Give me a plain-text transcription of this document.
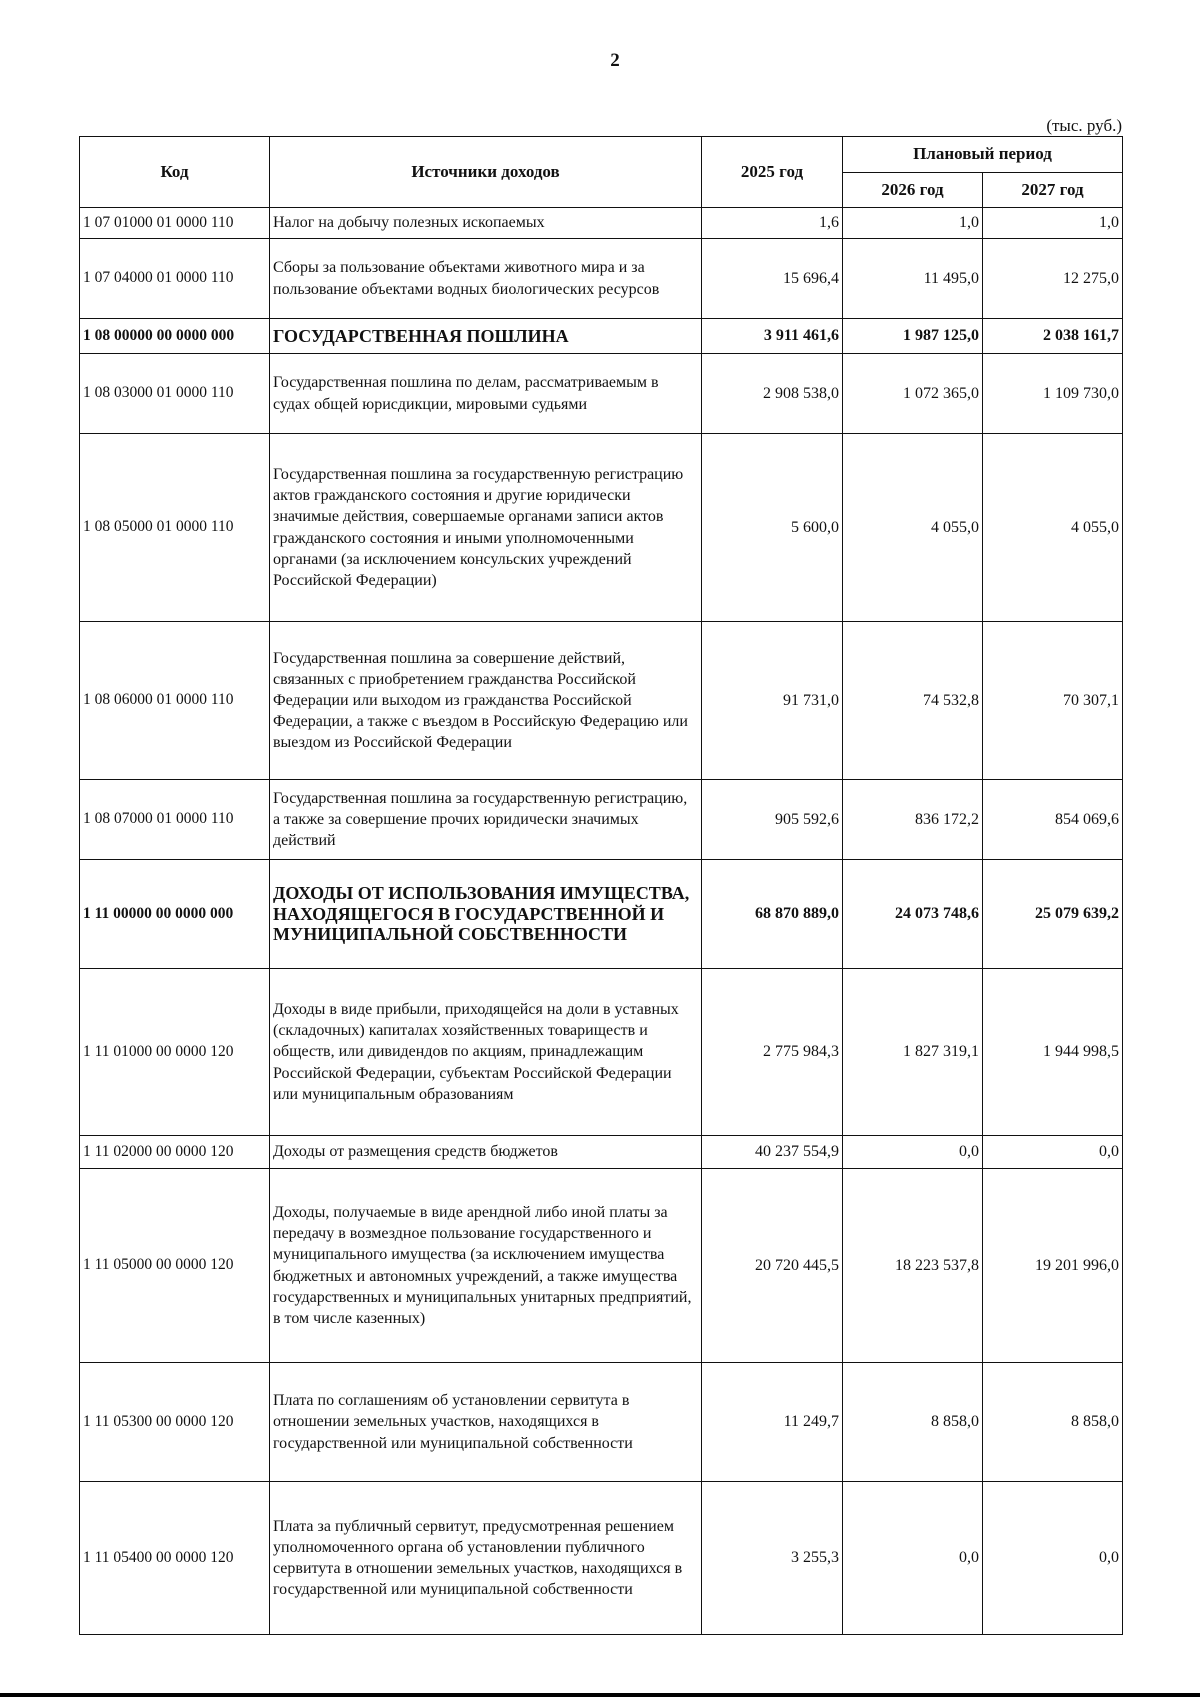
2
(тыс. руб.)
Код	Источники доходов	2025 год	Плановый период	
			2026 год	2027 год
1 07 01000 01 0000 110	Налог на добычу полезных ископаемых	1,6	1,0	1,0
1 07 04000 01 0000 110	Сборы за пользование объектами животного мира и за пользование объектами водных биологических ресурсов	15 696,4	11 495,0	12 275,0
1 08 00000 00 0000 000	ГОСУДАРСТВЕННАЯ ПОШЛИНА	3 911 461,6	1 987 125,0	2 038 161,7
1 08 03000 01 0000 110	Государственная пошлина по делам, рассматриваемым в судах общей юрисдикции, мировыми судьями	2 908 538,0	1 072 365,0	1 109 730,0
1 08 05000 01 0000 110	Государственная пошлина за государственную регистрацию актов гражданского состояния и другие юридически значимые действия, совершаемые органами записи актов гражданского состояния и иными уполномоченными органами (за исключением консульских учреждений Российской Федерации)	5 600,0	4 055,0	4 055,0
1 08 06000 01 0000 110	Государственная пошлина за совершение действий, связанных с приобретением гражданства Российской Федерации или выходом из гражданства Российской Федерации, а также с въездом в Российскую Федерацию или выездом из Российской Федерации	91 731,0	74 532,8	70 307,1
1 08 07000 01 0000 110	Государственная пошлина за государственную регистрацию, а также за совершение прочих юридически значимых действий	905 592,6	836 172,2	854 069,6
1 11 00000 00 0000 000	ДОХОДЫ ОТ ИСПОЛЬЗОВАНИЯ ИМУЩЕСТВА, НАХОДЯЩЕГОСЯ В ГОСУДАРСТВЕННОЙ И МУНИЦИПАЛЬНОЙ СОБСТВЕННОСТИ	68 870 889,0	24 073 748,6	25 079 639,2
1 11 01000 00 0000 120	Доходы в виде прибыли, приходящейся на доли в уставных (складочных) капиталах хозяйственных товариществ и обществ, или дивидендов по акциям, принадлежащим Российской Федерации, субъектам Российской Федерации или муниципальным образованиям	2 775 984,3	1 827 319,1	1 944 998,5
1 11 02000 00 0000 120	Доходы от размещения средств бюджетов	40 237 554,9	0,0	0,0
1 11 05000 00 0000 120	Доходы, получаемые в виде арендной либо иной платы за передачу в возмездное пользование государственного и муниципального имущества (за исключением имущества бюджетных и автономных учреждений, а также имущества государственных и муниципальных унитарных предприятий, в том числе казенных)	20 720 445,5	18 223 537,8	19 201 996,0
1 11 05300 00 0000 120	Плата по соглашениям об установлении сервитута в отношении земельных участков, находящихся в государственной или муниципальной собственности	11 249,7	8 858,0	8 858,0
1 11 05400 00 0000 120	Плата за публичный сервитут, предусмотренная решением уполномоченного органа об установлении публичного сервитута в отношении земельных участков, находящихся в государственной или муниципальной собственности	3 255,3	0,0	0,0
